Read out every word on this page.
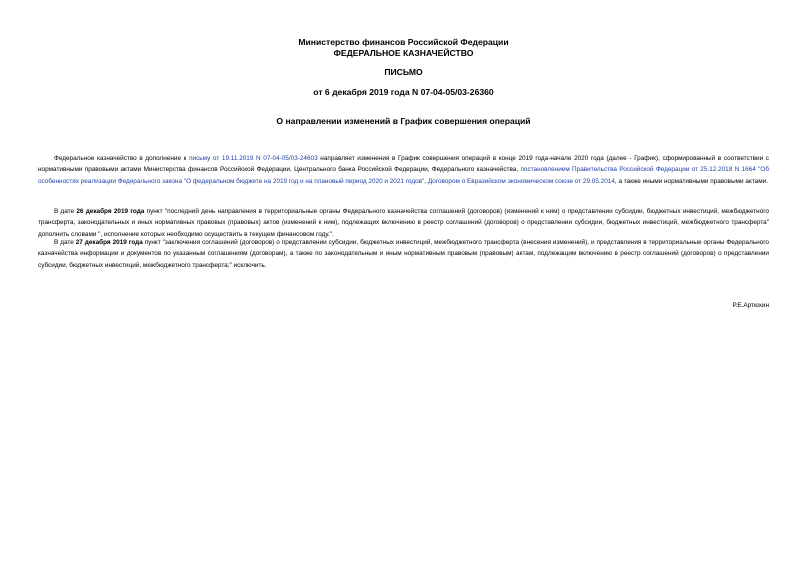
Министерство финансов Российской Федерации
ФЕДЕРАЛЬНОЕ КАЗНАЧЕЙСТВО
ПИСЬМО
от 6 декабря 2019 года N 07-04-05/03-26360
О направлении изменений в График совершения операций
Федеральное казначейство в дополнение к письму от 19.11.2019 N 07-04-05/03-24603 направляет изменения в График совершения операций в конце 2019 года-начале 2020 года (далее - График), сформированный в соответствии с нормативными правовыми актами Министерства финансов Российской Федерации, Центрального банка Российской Федерации, Федерального казначейства, постановлением Правительства Российской Федерации от 25.12.2018 N 1664 "Об особенностях реализации Федерального закона "О федеральном бюджете на 2019 год и на плановый период 2020 и 2021 годов", Договором о Евразийском экономическом союзе от 29.05.2014, а также иными нормативными правовыми актами.
В дате 26 декабря 2019 года пункт "последний день направления в территориальные органы Федерального казначейства соглашений (договоров) (изменений к ним) о представлении субсидии, бюджетных инвестиций, межбюджетного трансферта, законодательных и иных нормативных правовых (правовых) актов (изменений к ним), подлежащих включению в реестр соглашений (договоров) о представлении субсидии, бюджетных инвестиций, межбюджетного трансферта" дополнить словами ", исполнение которых необходимо осуществить в текущем финансовом году.".
В дате 27 декабря 2019 года пункт "заключения соглашений (договоров) о представлении субсидии, бюджетных инвестиций, межбюджетного трансферта (внесения изменений), и представления в территориальные органы Федерального казначейства информации и документов по указанным соглашениям (договорам), а также по законодательным и иным нормативным правовым (правовым) актам, подлежащим включению в реестр соглашений (договоров) о представлении субсидии, бюджетных инвестиций, межбюджетного трансферта;" исключить.
Р.Е.Артюхин
